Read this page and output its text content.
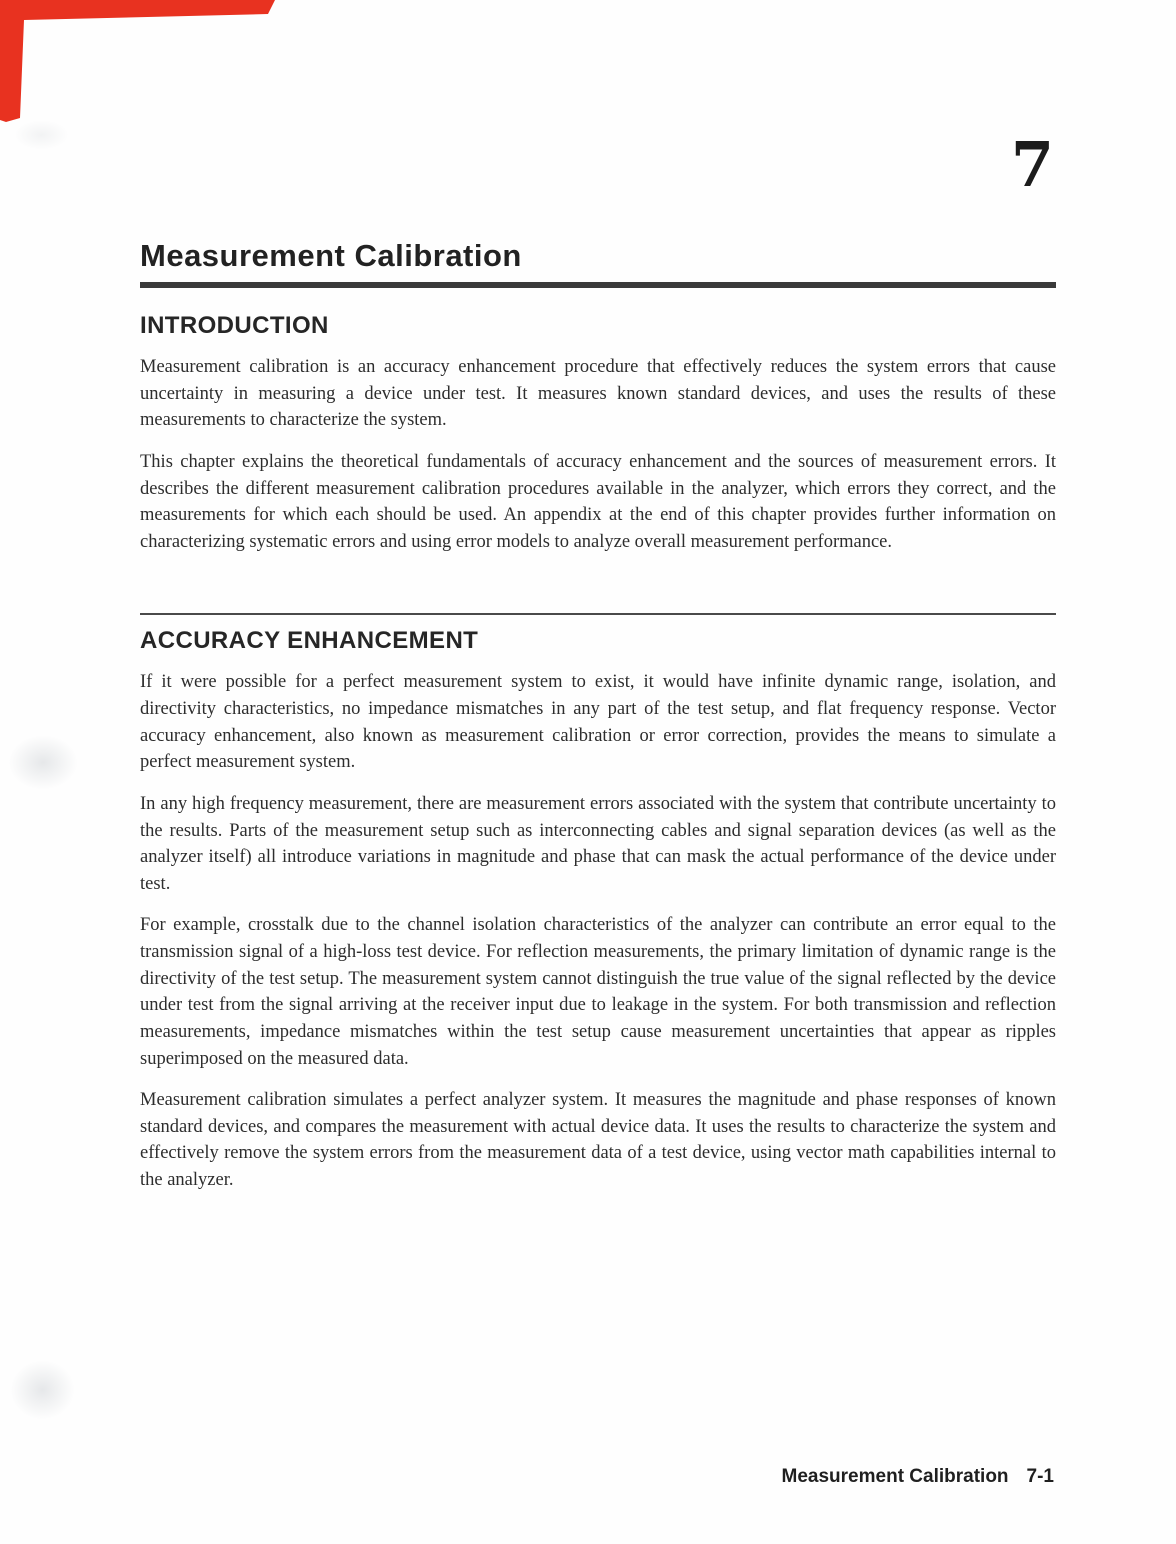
7
Measurement Calibration
INTRODUCTION

Measurement calibration is an accuracy enhancement procedure that effectively reduces the system errors that cause uncertainty in measuring a device under test. It measures known standard devices, and uses the results of these measurements to characterize the system.

This chapter explains the theoretical fundamentals of accuracy enhancement and the sources of measurement errors. It describes the different measurement calibration procedures available in the analyzer, which errors they correct, and the measurements for which each should be used. An appendix at the end of this chapter provides further information on characterizing systematic errors and using error models to analyze overall measurement performance.

ACCURACY ENHANCEMENT

If it were possible for a perfect measurement system to exist, it would have infinite dynamic range, isolation, and directivity characteristics, no impedance mismatches in any part of the test setup, and flat frequency response. Vector accuracy enhancement, also known as measurement calibration or error correction, provides the means to simulate a perfect measurement system.

In any high frequency measurement, there are measurement errors associated with the system that contribute uncertainty to the results. Parts of the measurement setup such as interconnecting cables and signal separation devices (as well as the analyzer itself) all introduce variations in magnitude and phase that can mask the actual performance of the device under test.

For example, crosstalk due to the channel isolation characteristics of the analyzer can contribute an error equal to the transmission signal of a high-loss test device. For reflection measurements, the primary limitation of dynamic range is the directivity of the test setup. The measurement system cannot distinguish the true value of the signal reflected by the device under test from the signal arriving at the receiver input due to leakage in the system. For both transmission and reflection measurements, impedance mismatches within the test setup cause measurement uncertainties that appear as ripples superimposed on the measured data.

Measurement calibration simulates a perfect analyzer system. It measures the magnitude and phase responses of known standard devices, and compares the measurement with actual device data. It uses the results to characterize the system and effectively remove the system errors from the measurement data of a test device, using vector math capabilities internal to the analyzer.

Measurement Calibration 7-1
